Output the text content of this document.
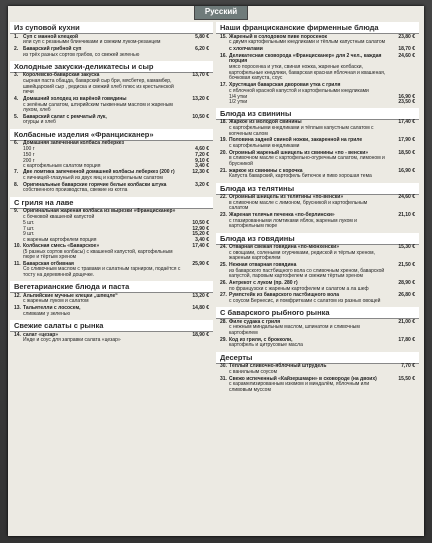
Русский
Из суповой кухни
1. Суп с манной клецкой
или суп с резаными блинчиками и свежим луком-резанцем
5,80 €
2. Баварский грибной суп
из трёх разных сортов грибов, со свежей зеленью
6,20 €
Холодные закуски-деликатесы и сыр
3. Королевско-баварская закуска
сырная паста обацда, баварский сыр бри, мясбетер, камамбер, швейцарский сыр , редиска и свежий хлеб плюс из крестьянской печи
13,70 €
4. Домашний холодец из варёной говядины
с зелёным салатом, штирийским тыквенным маслом и жареным луком, хлеб
13,20 €
5. Баварский салат с ремчатый лук,
огурцы и хлеб
10,50 €
Колбасные изделия «Францисканер»
6. Домашняя запеченная колбаса леберкез
100 г	4,60 €
150 г	7,20 €
200 г	9,10 €
с картофельным салатом порция	3,40 €
7. Две ломтика запеченной домашней колбасы леберкез (200 г)
с яичницей-глазуньей из двух яиц и картофельным салатом
12,30 €
8. Оригинальные баварские горячие белые колбаски штука
собственного производства, свежие из котла
3,20 €
С гриля на лаве
9. Оригинальная жареная колбаса из вырезки «Францисканер»
с бочковой квашеной капустой
5 шт.	10,50 €
7 шт.	12,90 €
9 шт.	15,20 €
с жареным картофелем порция	3,40 €
10. Колбасная смесь «Баварское»
(5 разных сортов колбасы) с квашеной капустой, картофельным пюре и тёртым хреном
17,40 €
11. Баварская отбивная
Со сливочным маслом с травами и салатным гарниром, подаётся с тосту на деревянной дощечке.
25,90 €
Вегетарианские блюда и паста
12. Альпийские мучные клецки „шпецле“
с жареным луком и салатом
13,20 €
13. Тальятелли с лососем,
сливками у зеленью
14,80 €
Свежие салаты с рынка
14. салат «цезар»
Инде и соус для заправки салата «цезар»
18,90 €
Наши францисканские фирменные блюда
15. Жареный в солодовом пиве поросенок
с двумя картофельными кнедликами и тёплым капустным салатом
23,80 €
с хлопчатами	18,70 €
16. Деликатесная сковорода «Францисканер» для 2 чел., каждая порция
мясо поросенка и утки, свиная ножка, жареные колбаски, картофельные кнедлики, баварская красная яблочная и квашеная, бочковая капуста, соус
24,60 €
17. Хрустящая баварская дворовая утка с гриля
с яблочной красной капустой и картофельными кнедликами
1/4 утки	16,90 €
1/2 утки	23,50 €
Блюда из свинины
18. Жаркое из молодой свинины
с картофельными кнедликами и тёплым капустным салатом с копченым салом
17,40 €
19. Половина задней свиной ножки, закаренной на гриле
с картофельными кнедликами
17,90 €
20. Огромный жареный шницель из свинины «по - венски»
в сливочном масле с картофельно-огуречным салатом, лимоном и брусникой
18,50 €
21. жаркое из свинины с корочка
Капуста баварский, картофель битючок и пиво хорошая тема
16,90 €
Блюда из телятины
22. Огромный шницель из телятины «по-венски»
в сливочном масле с лимоном, брусникой и картофельным салатом
24,60 €
23. Жареная телячья печенка «по-берлински»
с глазированными ломтиками яблок, жареным луком и картофельным пюре
21,10 €
Блюда из говядины
24. Отварная свежая говядина «по-мюнхенски»
с овощами, солеными огурчиками, редиской и тёртым хреном, жареным картофелем
15,30 €
25. Нежная отварная говядина
из баварского пастбищного вола со сливочным хреном, баварской капустой, паровым картофелем и свежим тёртым хреном
21,50 €
26. Антрекот с луком (пр. 280 г)
по французски с жареным картофелем и салатом а ла шеф
28,90 €
27. Румпстейк из баварского пастбищного вола
с соусом Бернесис, и помфритками с салатом из разных овощей
26,80 €
С баварского рыбного рынка
28. Филе судака с гриля
с нежным миндальным маслом, шпинатом и сливочным картофелем
21,00 €
29. Код из гриля, с брокколи,
картофель и цитрусовые масла
17,80 €
Десерты
30. Тёплый сливочно-яблочный штрудель
с ванильным соусом
7,70 €
31. Свежо испеченный «Кайзершмарн» в сковороде (на двоих)
с карамелизированным изюмом и миндалём, яблочным или сливовым муссом
15,50 €
